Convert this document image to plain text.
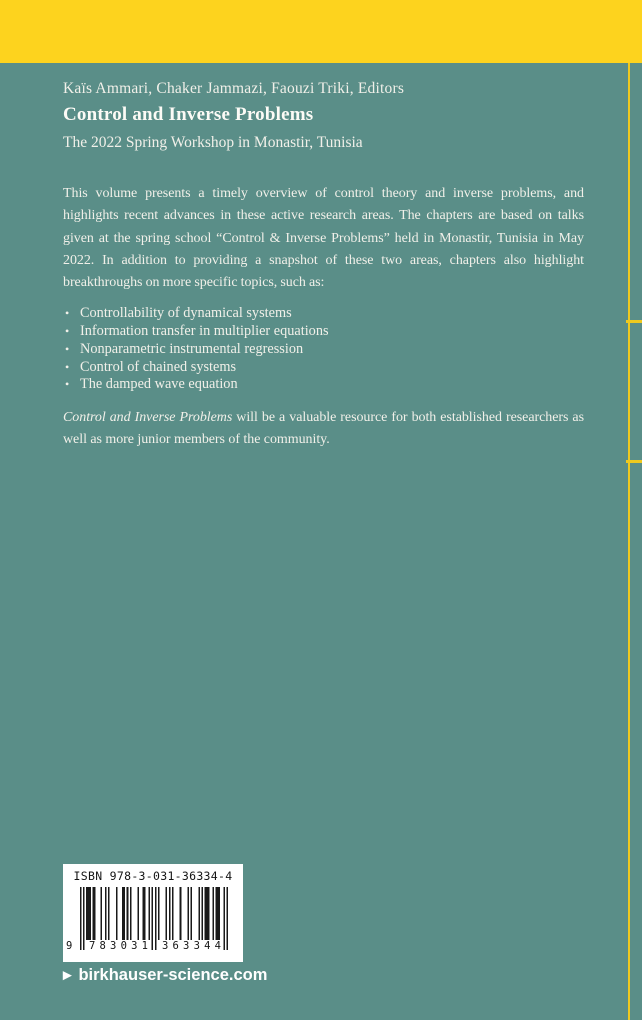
Kaïs Ammari, Chaker Jammazi, Faouzi Triki, Editors
Control and Inverse Problems
The 2022 Spring Workshop in Monastir, Tunisia

This volume presents a timely overview of control theory and inverse problems, and highlights recent advances in these active research areas. The chapters are based on talks given at the spring school “Control & Inverse Problems” held in Monastir, Tunisia in May 2022. In addition to providing a snapshot of these two areas, chapters also highlight breakthroughs on more specific topics, such as:

• Controllability of dynamical systems
• Information transfer in multiplier equations
• Nonparametric instrumental regression
• Control of chained systems
• The damped wave equation

Control and Inverse Problems will be a valuable resource for both established researchers as well as more junior members of the community.

ISBN 978-3-031-36334-4
9 783031 363344
▶ birkhauser-science.com
